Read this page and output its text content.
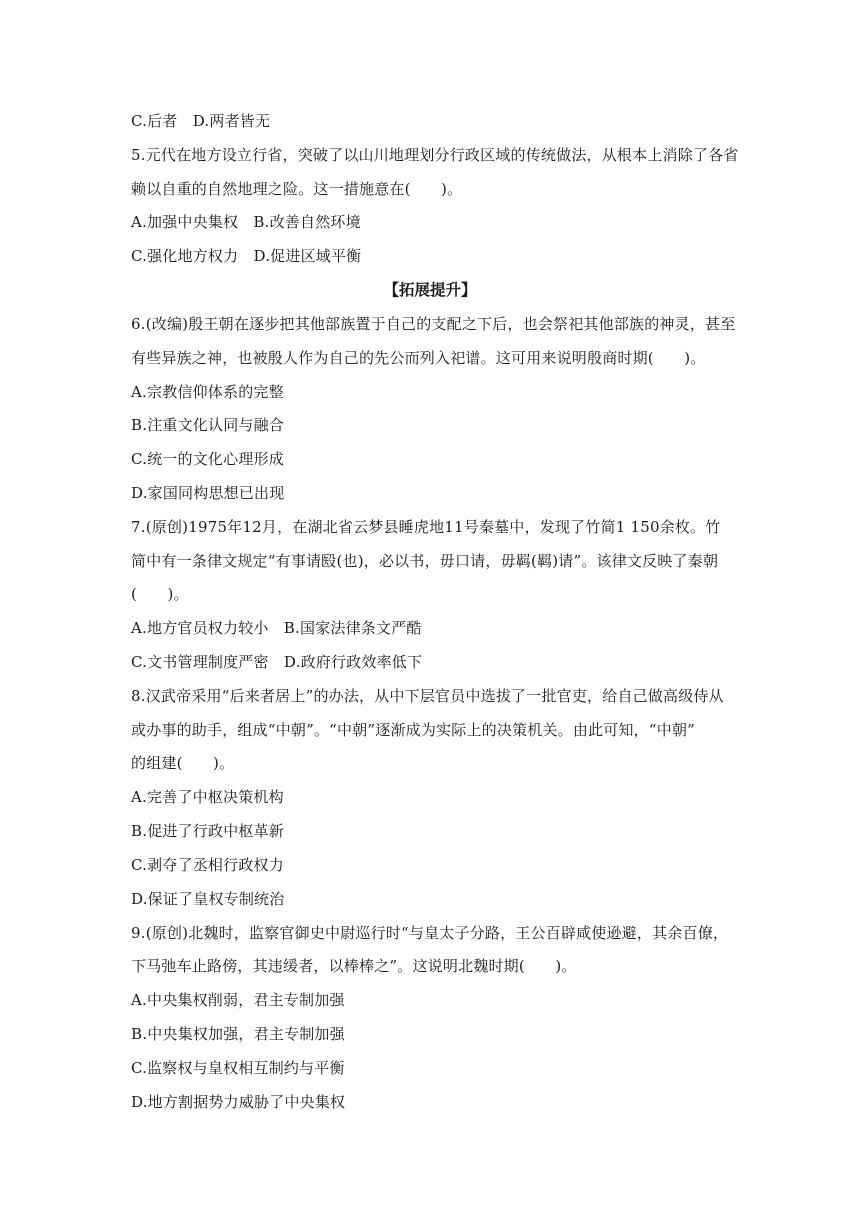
C.后者　D.两者皆无
5.元代在地方设立行省，突破了以山川地理划分行政区域的传统做法，从根本上消除了各省
赖以自重的自然地理之险。这一措施意在(　　)。
A.加强中央集权　B.改善自然环境
C.强化地方权力　D.促进区域平衡
【拓展提升】
6.(改编)殷王朝在逐步把其他部族置于自己的支配之下后，也会祭祀其他部族的神灵，甚至
有些异族之神，也被殷人作为自己的先公而列入祀谱。这可用来说明殷商时期(　　)。
A.宗教信仰体系的完整
B.注重文化认同与融合
C.统一的文化心理形成
D.家国同构思想已出现
7.(原创)1975年12月，在湖北省云梦县睡虎地11号秦墓中，发现了竹简1 150余枚。竹
简中有一条律文规定“有事请殹(也)，必以书，毋口请，毋羁(羁)请”。该律文反映了秦朝
(　　)。
A.地方官员权力较小　B.国家法律条文严酷
C.文书管理制度严密　D.政府行政效率低下
8.汉武帝采用“后来者居上”的办法，从中下层官员中选拔了一批官吏，给自己做高级侍从
或办事的助手，组成“中朝”。“中朝”逐渐成为实际上的决策机关。由此可知，“中朝”
的组建(　　)。
A.完善了中枢决策机构
B.促进了行政中枢革新
C.剥夺了丞相行政权力
D.保证了皇权专制统治
9.(原创)北魏时，监察官御史中尉巡行时“与皇太子分路，王公百辟咸使逊避，其余百僚，
下马弛车止路傍，其违缓者，以棒棒之”。这说明北魏时期(　　)。
A.中央集权削弱，君主专制加强
B.中央集权加强，君主专制加强
C.监察权与皇权相互制约与平衡
D.地方割据势力威胁了中央集权
